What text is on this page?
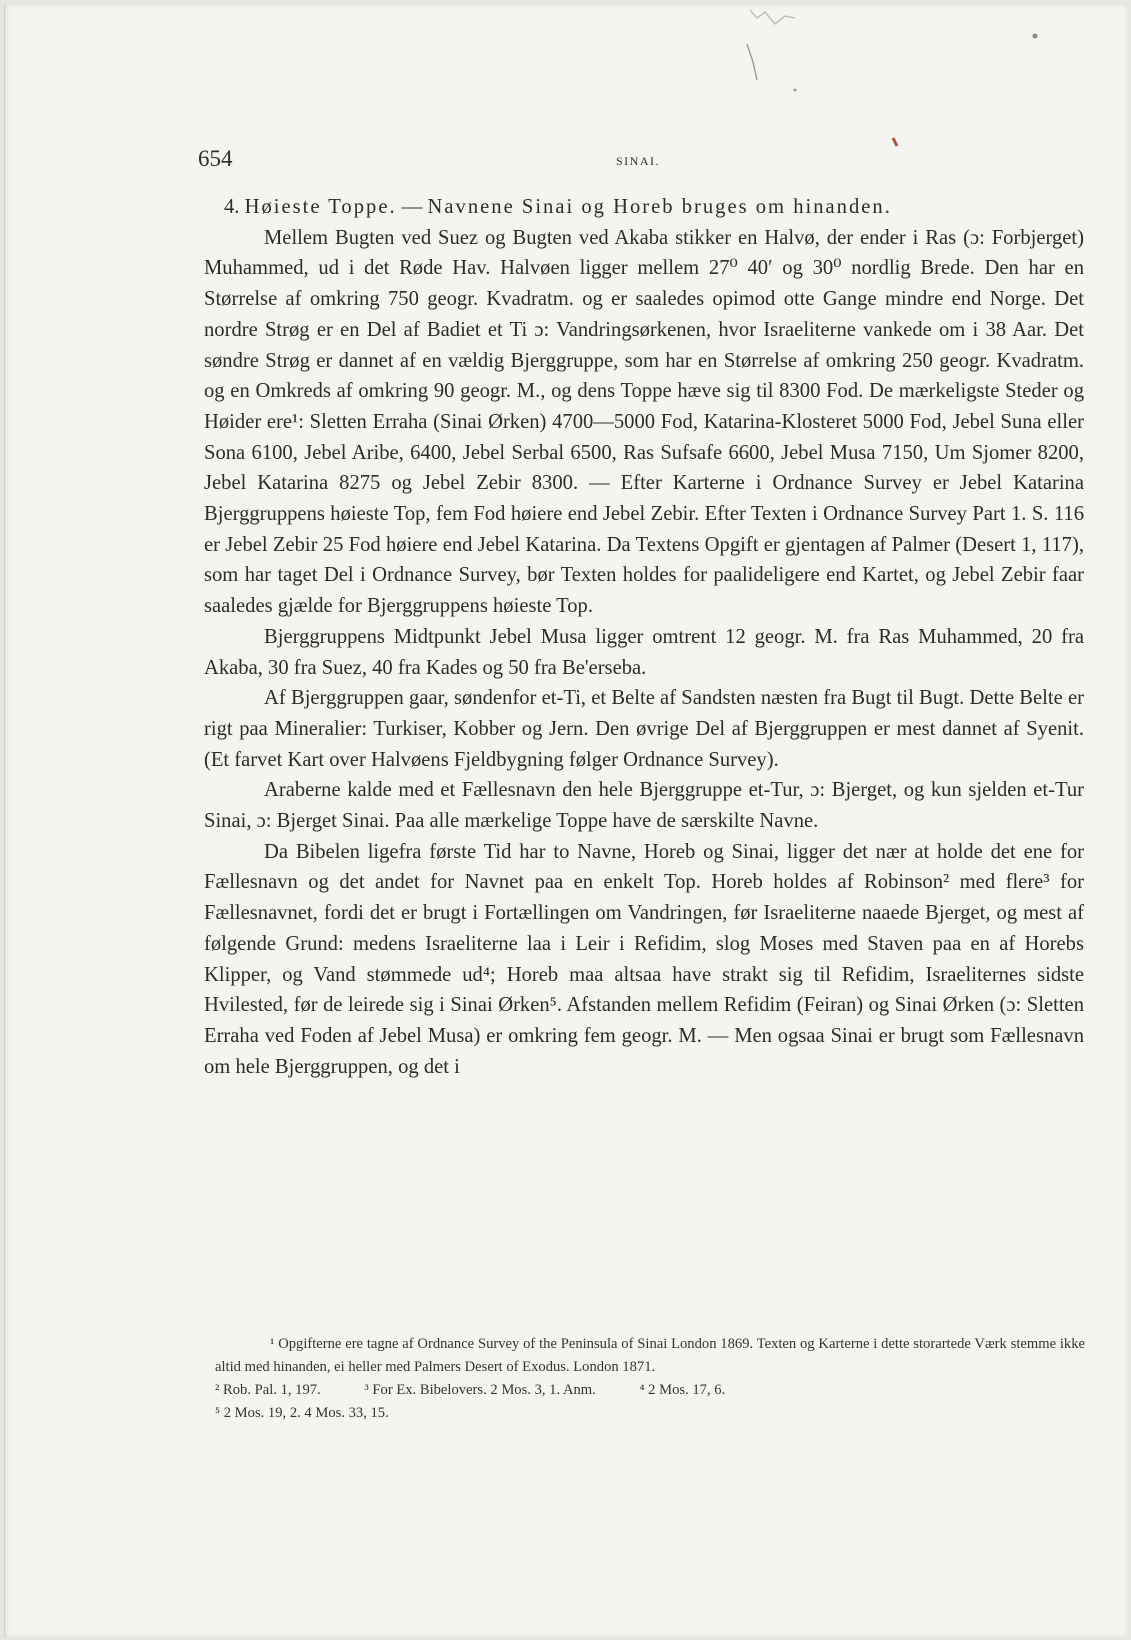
654	SINAI.

4. Høieste Toppe. — Navnene Sinai og Horeb bruges om hinanden.

Mellem Bugten ved Suez og Bugten ved Akaba stikker en Halvø, der ender i Ras (ɔ: Forbjerget) Muhammed, ud i det Røde Hav. Halvøen ligger mellem 27⁰ 40′ og 30⁰ nordlig Brede. Den har en Størrelse af omkring 750 geogr. Kvadratm. og er saaledes opimod otte Gange mindre end Norge. Det nordre Strøg er en Del af Badiet et Ti ɔ: Vandringsørkenen, hvor Israeliterne vankede om i 38 Aar. Det søndre Strøg er dannet af en vældig Bjerggruppe, som har en Størrelse af omkring 250 geogr. Kvadratm. og en Omkreds af omkring 90 geogr. M., og dens Toppe hæve sig til 8300 Fod. De mærkeligste Steder og Høider ere¹: Sletten Erraha (Sinai Ørken) 4700—5000 Fod, Katarina-Klosteret 5000 Fod, Jebel Suna eller Sona 6100, Jebel Aribe, 6400, Jebel Serbal 6500, Ras Sufsafe 6600, Jebel Musa 7150, Um Sjomer 8200, Jebel Katarina 8275 og Jebel Zebir 8300. — Efter Karterne i Ordnance Survey er Jebel Katarina Bjerggruppens høieste Top, fem Fod høiere end Jebel Zebir. Efter Texten i Ordnance Survey Part 1. S. 116 er Jebel Zebir 25 Fod høiere end Jebel Katarina. Da Textens Opgift er gjentagen af Palmer (Desert 1, 117), som har taget Del i Ordnance Survey, bør Texten holdes for paalideligere end Kartet, og Jebel Zebir faar saaledes gjælde for Bjerggruppens høieste Top.

Bjerggruppens Midtpunkt Jebel Musa ligger omtrent 12 geogr. M. fra Ras Muhammed, 20 fra Akaba, 30 fra Suez, 40 fra Kades og 50 fra Be'erseba.

Af Bjerggruppen gaar, søndenfor et-Ti, et Belte af Sandsten næsten fra Bugt til Bugt. Dette Belte er rigt paa Mineralier: Turkiser, Kobber og Jern. Den øvrige Del af Bjerggruppen er mest dannet af Syenit. (Et farvet Kart over Halvøens Fjeldbygning følger Ordnance Survey).

Araberne kalde med et Fællesnavn den hele Bjerggruppe et-Tur, ɔ: Bjerget, og kun sjelden et-Tur Sinai, ɔ: Bjerget Sinai. Paa alle mærkelige Toppe have de særskilte Navne.

Da Bibelen ligefra første Tid har to Navne, Horeb og Sinai, ligger det nær at holde det ene for Fællesnavn og det andet for Navnet paa en enkelt Top. Horeb holdes af Robinson² med flere³ for Fællesnavnet, fordi det er brugt i Fortællingen om Vandringen, før Israeliterne naaede Bjerget, og mest af følgende Grund: medens Israeliterne laa i Leir i Refidim, slog Moses med Staven paa en af Horebs Klipper, og Vand stømmede ud⁴; Horeb maa altsaa have strakt sig til Refidim, Israeliternes sidste Hvilested, før de leirede sig i Sinai Ørken⁵. Afstanden mellem Refidim (Feiran) og Sinai Ørken (ɔ: Sletten Erraha ved Foden af Jebel Musa) er omkring fem geogr. M. — Men ogsaa Sinai er brugt som Fællesnavn om hele Bjerggruppen, og det i

¹ Opgifterne ere tagne af Ordnance Survey of the Peninsula of Sinai London 1869. Texten og Karterne i dette storartede Værk stemme ikke altid med hinanden, ei heller med Palmers Desert of Exodus. London 1871.

² Rob. Pal. 1, 197.	³ For Ex. Bibelovers. 2 Mos. 3, 1. Anm.	⁴ 2 Mos. 17, 6.

⁵ 2 Mos. 19, 2. 4 Mos. 33, 15.
